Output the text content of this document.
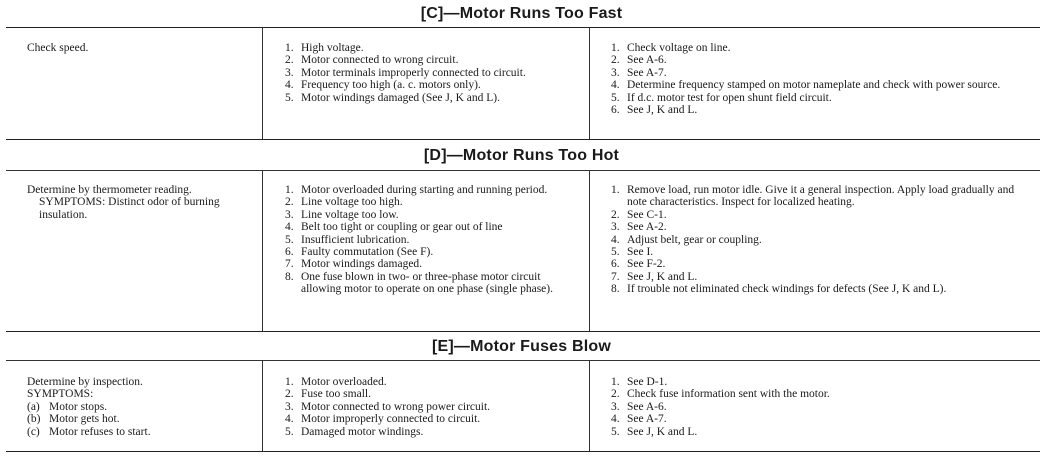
[C]—Motor Runs Too Fast
Check speed.	1. High voltage.
2. Motor connected to wrong circuit.
3. Motor terminals improperly connected to circuit.
4. Frequency too high (a. c. motors only).
5. Motor windings damaged (See J, K and L).
1. Check voltage on line.
2. See A-6.
3. See A-7.
4. Determine frequency stamped on motor nameplate and check with power source.
5. If d.c. motor test for open shunt field circuit.
6. See J, K and L.
[D]—Motor Runs Too Hot
Determine by thermometer reading.
SYMPTOMS: Distinct odor of burning insulation.
1. Motor overloaded during starting and running period.
2. Line voltage too high.
3. Line voltage too low.
4. Belt too tight or coupling or gear out of line
5. Insufficient lubrication.
6. Faulty commutation (See F).
7. Motor windings damaged.
8. One fuse blown in two- or three-phase motor circuit allowing motor to operate on one phase (single phase).
1. Remove load, run motor idle. Give it a general inspection. Apply load gradually and note characteristics. Inspect for localized heating.
2. See C-1.
3. See A-2.
4. Adjust belt, gear or coupling.
5. See I.
6. See F-2.
7. See J, K and L.
8. If trouble not eliminated check windings for defects (See J, K and L).
[E]—Motor Fuses Blow
Determine by inspection.
SYMPTOMS:
(a) Motor stops.
(b) Motor gets hot.
(c) Motor refuses to start.
1. Motor overloaded.
2. Fuse too small.
3. Motor connected to wrong power circuit.
4. Motor improperly connected to circuit.
5. Damaged motor windings.
1. See D-1.
2. Check fuse information sent with the motor.
3. See A-6.
4. See A-7.
5. See J, K and L.
